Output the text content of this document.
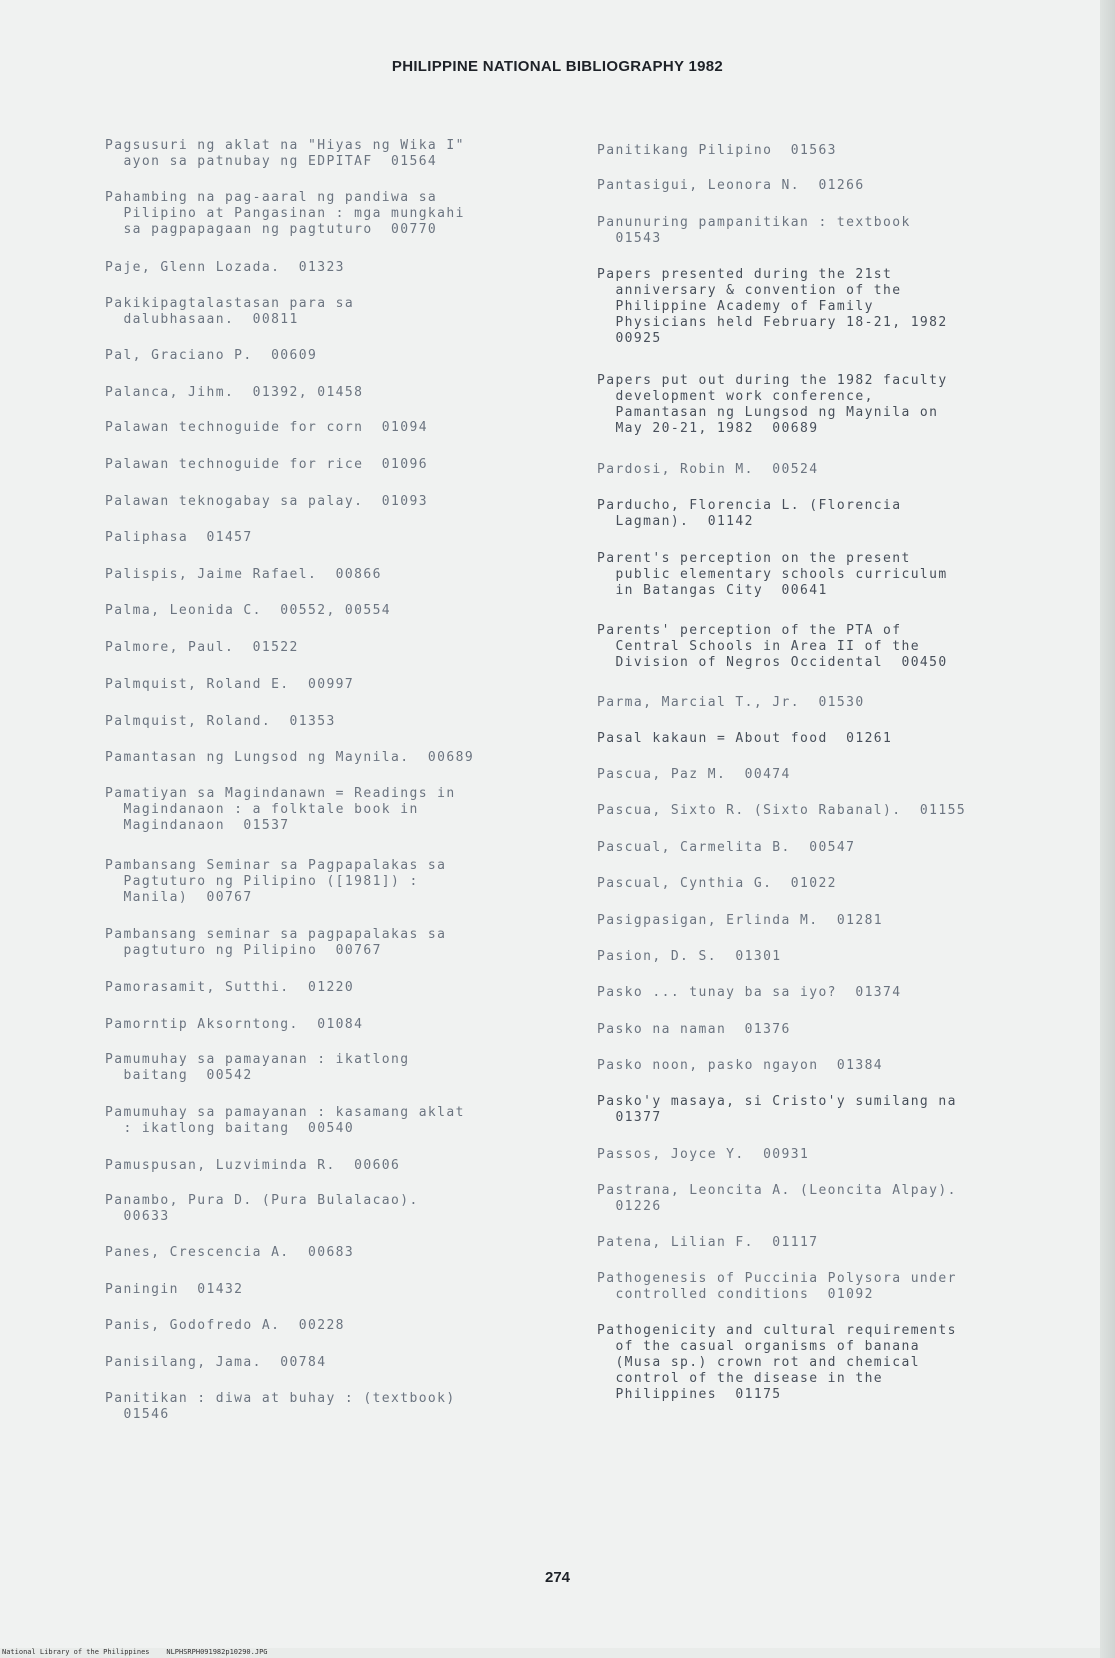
PHILIPPINE NATIONAL BIBLIOGRAPHY 1982
Pagsusuri ng aklat na "Hiyas ng Wika I"
ayon sa patnubay ng EDPITAF  01564
Pahambing na pag-aaral ng pandiwa sa
Pilipino at Pangasinan : mga mungkahi
sa pagpapagaan ng pagtuturo  00770
Paje, Glenn Lozada.  01323
Pakikipagtalastasan para sa
dalubhasaan.  00811
Pal, Graciano P.  00609
Palanca, Jihm.  01392, 01458
Palawan technoguide for corn  01094
Palawan technoguide for rice  01096
Palawan teknogabay sa palay.  01093
Paliphasa  01457
Palispis, Jaime Rafael.  00866
Palma, Leonida C.  00552, 00554
Palmore, Paul.  01522
Palmquist, Roland E.  00997
Palmquist, Roland.  01353
Pamantasan ng Lungsod ng Maynila.  00689
Pamatiyan sa Magindanawn = Readings in
Magindanaon : a folktale book in
Magindanaon  01537
Pambansang Seminar sa Pagpapalakas sa
Pagtuturo ng Pilipino ([1981]) :
Manila)  00767
Pambansang seminar sa pagpapalakas sa
pagtuturo ng Pilipino  00767
Pamorasamit, Sutthi.  01220
Pamorntip Aksorntong.  01084
Pamumuhay sa pamayanan : ikatlong
baitang  00542
Pamumuhay sa pamayanan : kasamang aklat
: ikatlong baitang  00540
Pamuspusan, Luzviminda R.  00606
Panambo, Pura D. (Pura Bulalacao).
00633
Panes, Crescencia A.  00683
Paningin  01432
Panis, Godofredo A.  00228
Panisilang, Jama.  00784
Panitikan : diwa at buhay : (textbook)
01546
Panitikang Pilipino  01563
Pantasigui, Leonora N.  01266
Panunuring pampanitikan : textbook
01543
Papers presented during the 21st
anniversary & convention of the
Philippine Academy of Family
Physicians held February 18-21, 1982
00925
Papers put out during the 1982 faculty
development work conference,
Pamantasan ng Lungsod ng Maynila on
May 20-21, 1982  00689
Pardosi, Robin M.  00524
Parducho, Florencia L. (Florencia
Lagman).  01142
Parent's perception on the present
public elementary schools curriculum
in Batangas City  00641
Parents' perception of the PTA of
Central Schools in Area II of the
Division of Negros Occidental  00450
Parma, Marcial T., Jr.  01530
Pasal kakaun = About food  01261
Pascua, Paz M.  00474
Pascua, Sixto R. (Sixto Rabanal).  01155
Pascual, Carmelita B.  00547
Pascual, Cynthia G.  01022
Pasigpasigan, Erlinda M.  01281
Pasion, D. S.  01301
Pasko ... tunay ba sa iyo?  01374
Pasko na naman  01376
Pasko noon, pasko ngayon  01384
Pasko'y masaya, si Cristo'y sumilang na
01377
Passos, Joyce Y.  00931
Pastrana, Leoncita A. (Leoncita Alpay).
01226
Patena, Lilian F.  01117
Pathogenesis of Puccinia Polysora under
controlled conditions  01092
Pathogenicity and cultural requirements
of the casual organisms of banana
(Musa sp.) crown rot and chemical
control of the disease in the
Philippines  01175
274
National Library of the Philippines    NLPHSRPH091982p10290.JPG
